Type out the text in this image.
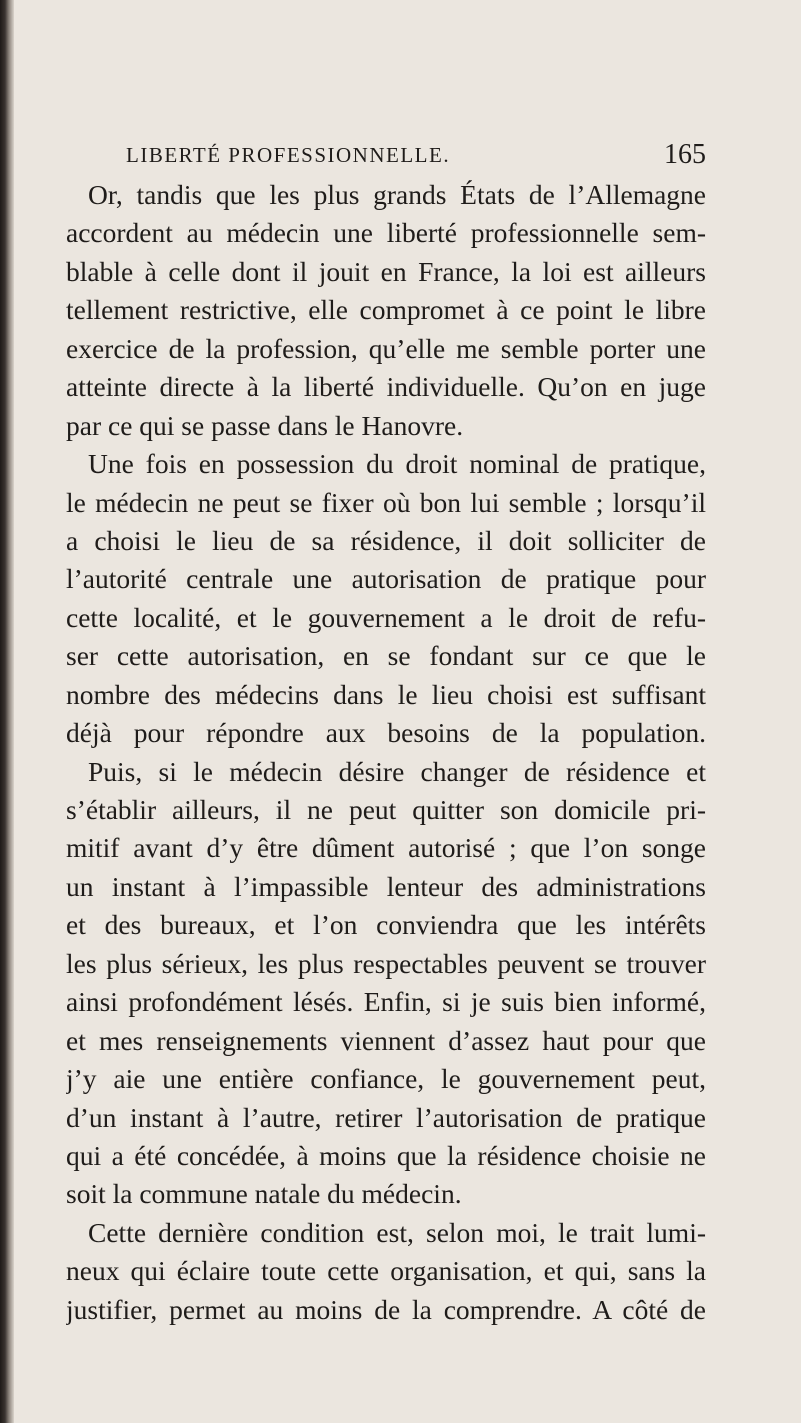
LIBERTÉ PROFESSIONNELLE.	165
Or, tandis que les plus grands États de l’Allemagne
accordent au médecin une liberté professionnelle sem-
blable à celle dont il jouit en France, la loi est ailleurs
tellement restrictive, elle compromet à ce point le libre
exercice de la profession, qu’elle me semble porter une
atteinte directe à la liberté individuelle. Qu’on en juge
par ce qui se passe dans le Hanovre.
Une fois en possession du droit nominal de pratique,
le médecin ne peut se fixer où bon lui semble ; lorsqu’il
a choisi le lieu de sa résidence, il doit solliciter de
l’autorité centrale une autorisation de pratique pour
cette localité, et le gouvernement a le droit de refu-
ser cette autorisation, en se fondant sur ce que le
nombre des médecins dans le lieu choisi est suffisant
déjà pour répondre aux besoins de la population.
Puis, si le médecin désire changer de résidence et
s’établir ailleurs, il ne peut quitter son domicile pri-
mitif avant d’y être dûment autorisé ; que l’on songe
un instant à l’impassible lenteur des administrations
et des bureaux, et l’on conviendra que les intérêts
les plus sérieux, les plus respectables peuvent se trouver
ainsi profondément lésés. Enfin, si je suis bien informé,
et mes renseignements viennent d’assez haut pour que
j’y aie une entière confiance, le gouvernement peut,
d’un instant à l’autre, retirer l’autorisation de pratique
qui a été concédée, à moins que la résidence choisie ne
soit la commune natale du médecin.
Cette dernière condition est, selon moi, le trait lumi-
neux qui éclaire toute cette organisation, et qui, sans la
justifier, permet au moins de la comprendre. A côté de
